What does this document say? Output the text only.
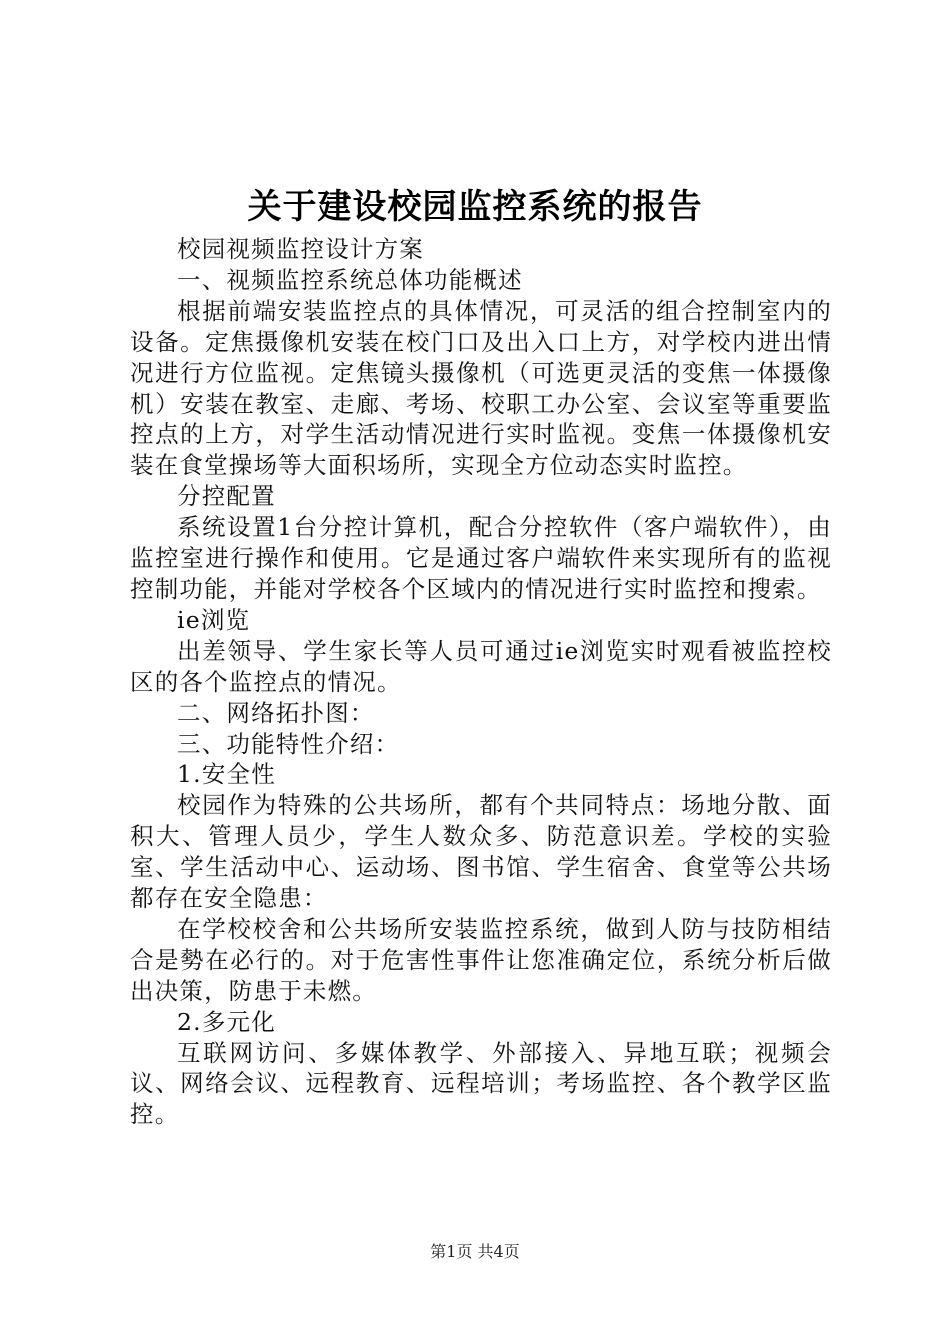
关于建设校园监控系统的报告

校园视频监控设计方案

一、视频监控系统总体功能概述

根据前端安装监控点的具体情况，可灵活的组合控制室内的设备。定焦摄像机安装在校门口及出入口上方，对学校内进出情况进行方位监视。定焦镜头摄像机（可选更灵活的变焦一体摄像机）安装在教室、走廊、考场、校职工办公室、会议室等重要监控点的上方，对学生活动情况进行实时监视。变焦一体摄像机安装在食堂操场等大面积场所，实现全方位动态实时监控。

分控配置

系统设置1台分控计算机，配合分控软件（客户端软件），由监控室进行操作和使用。它是通过客户端软件来实现所有的监视控制功能，并能对学校各个区域内的情况进行实时监控和搜索。

ie浏览

出差领导、学生家长等人员可通过ie浏览实时观看被监控校区的各个监控点的情况。

二、网络拓扑图：

三、功能特性介绍：

1.安全性

校园作为特殊的公共场所，都有个共同特点：场地分散、面积大、管理人员少，学生人数众多、防范意识差。学校的实验室、学生活动中心、运动场、图书馆、学生宿舍、食堂等公共场都存在安全隐患：

在学校校舍和公共场所安装监控系统，做到人防与技防相结合是勢在必行的。对于危害性事件让您准确定位，系统分析后做出决策，防患于未燃。

2.多元化

互联网访问、多媒体教学、外部接入、异地互联；视频会议、网络会议、远程教育、远程培训；考场监控、各个教学区监控。

第1页 共4页
